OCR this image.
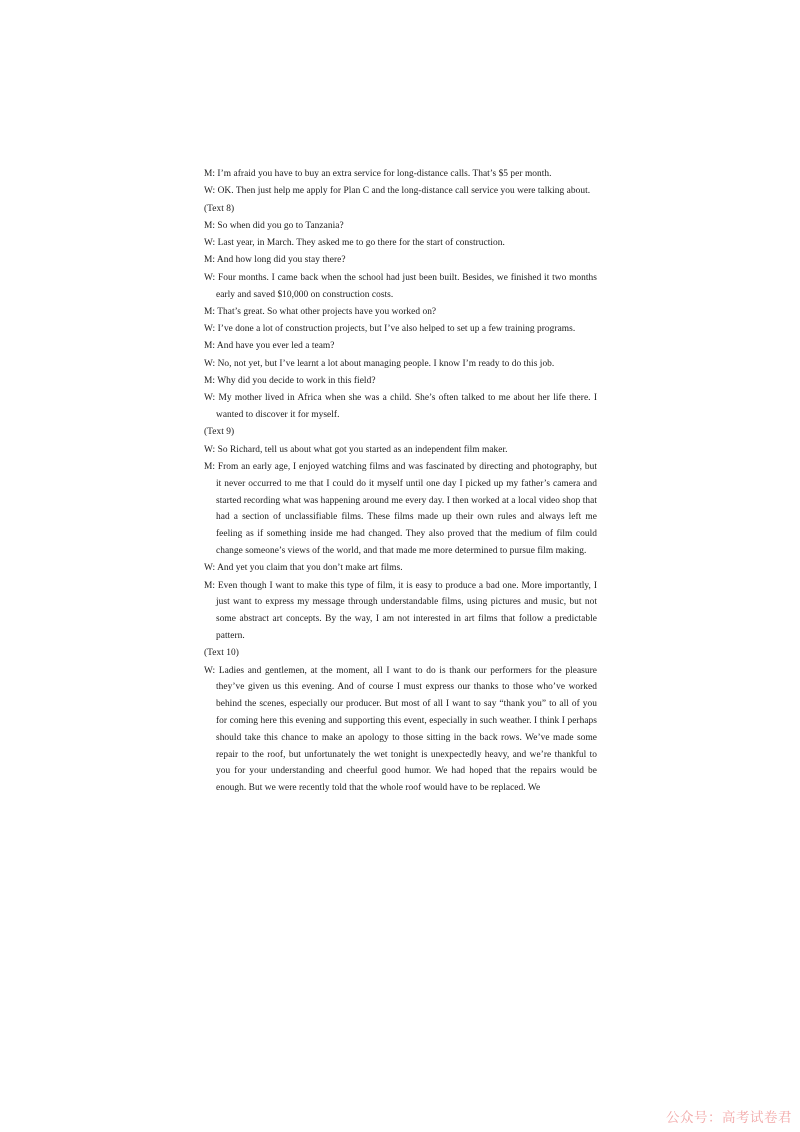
M: I’m afraid you have to buy an extra service for long-distance calls. That’s $5 per month.

W: OK. Then just help me apply for Plan C and the long-distance call service you were talking about.

(Text 8)

M: So when did you go to Tanzania?

W: Last year, in March. They asked me to go there for the start of construction.

M: And how long did you stay there?

W: Four months. I came back when the school had just been built. Besides, we finished it two months early and saved $10,000 on construction costs.

M: That’s great. So what other projects have you worked on?

W: I’ve done a lot of construction projects, but I’ve also helped to set up a few training programs.

M: And have you ever led a team?

W: No, not yet, but I’ve learnt a lot about managing people. I know I’m ready to do this job.

M: Why did you decide to work in this field?

W: My mother lived in Africa when she was a child. She’s often talked to me about her life there. I wanted to discover it for myself.

(Text 9)

W: So Richard, tell us about what got you started as an independent film maker.

M: From an early age, I enjoyed watching films and was fascinated by directing and photography, but it never occurred to me that I could do it myself until one day I picked up my father’s camera and started recording what was happening around me every day. I then worked at a local video shop that had a section of unclassifiable films. These films made up their own rules and always left me feeling as if something inside me had changed. They also proved that the medium of film could change someone’s views of the world, and that made me more determined to pursue film making.

W: And yet you claim that you don’t make art films.

M: Even though I want to make this type of film, it is easy to produce a bad one. More importantly, I just want to express my message through understandable films, using pictures and music, but not some abstract art concepts. By the way, I am not interested in art films that follow a predictable pattern.

(Text 10)

W: Ladies and gentlemen, at the moment, all I want to do is thank our performers for the pleasure they’ve given us this evening. And of course I must express our thanks to those who’ve worked behind the scenes, especially our producer. But most of all I want to say “thank you” to all of you for coming here this evening and supporting this event, especially in such weather. I think I perhaps should take this chance to make an apology to those sitting in the back rows. We’ve made some repair to the roof, but unfortunately the wet tonight is unexpectedly heavy, and we’re thankful to you for your understanding and cheerful good humor. We had hoped that the repairs would be enough. But we were recently told that the whole roof would have to be replaced. We

公众号：高考试卷君
